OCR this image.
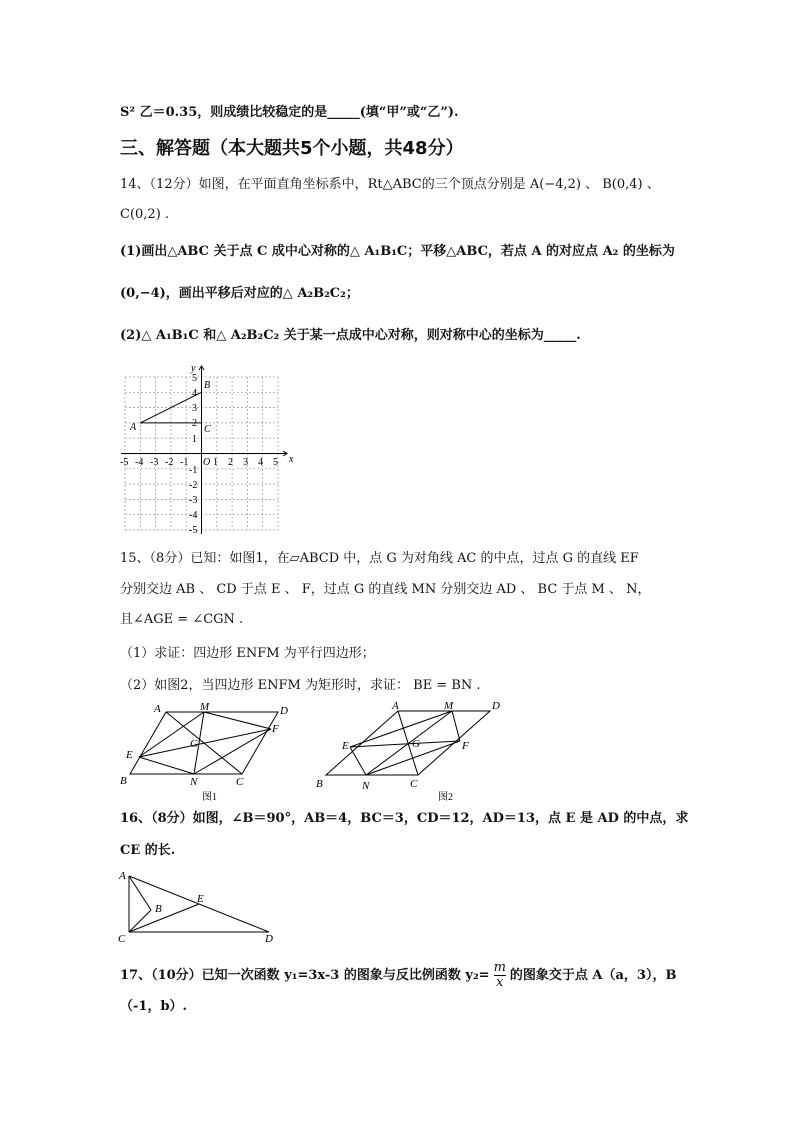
S² 乙＝0.35，则成绩比较稳定的是_____(填“甲”或“乙”).
三、解答题（本大题共5个小题，共48分）
14、（12分）如图，在平面直角坐标系中，Rt△ABC的三个顶点分别是 A(−4,2) 、 B(0,4) 、
C(0,2) .
(1)画出△ABC 关于点 C 成中心对称的△ A₁B₁C；平移△ABC，若点 A 的对应点 A₂ 的坐标为
(0,−4)，画出平移后对应的△ A₂B₂C₂；
(2)△ A₁B₁C 和△ A₂B₂C₂ 关于某一点成中心对称，则对称中心的坐标为_____.
x
y
A
B
C
-5 -4 -3 -2 -1 O 1 2 3 4 5
5
4
3
2
1
-1
-2
-3
-4
-5
15、（8分）已知：如图1，在▱ABCD 中，点 G 为对角线 AC 的中点，过点 G 的直线 EF
分别交边 AB 、 CD 于点 E 、 F，过点 G 的直线 MN 分别交边 AD 、 BC 于点 M 、 N，
且∠AGE = ∠CGN .
（1）求证：四边形 ENFM 为平行四边形；
（2）如图2，当四边形 ENFM 为矩形时，求证： BE = BN .
A	M	D
E
G
F
B	N	C
图1
A	M	D
E	G	F
B	N	C
图2
16、（8分）如图，∠B＝90°，AB＝4，BC＝3，CD＝12，AD＝13，点 E 是 AD 的中点，求
CE 的长.
A
B
E
C	D
17、（10分）已知一次函数 y₁=3x-3 的图象与反比例函数 $y_2= \frac{m}{x}$ 的图象交于点 A（a，3），B
（-1，b）.
